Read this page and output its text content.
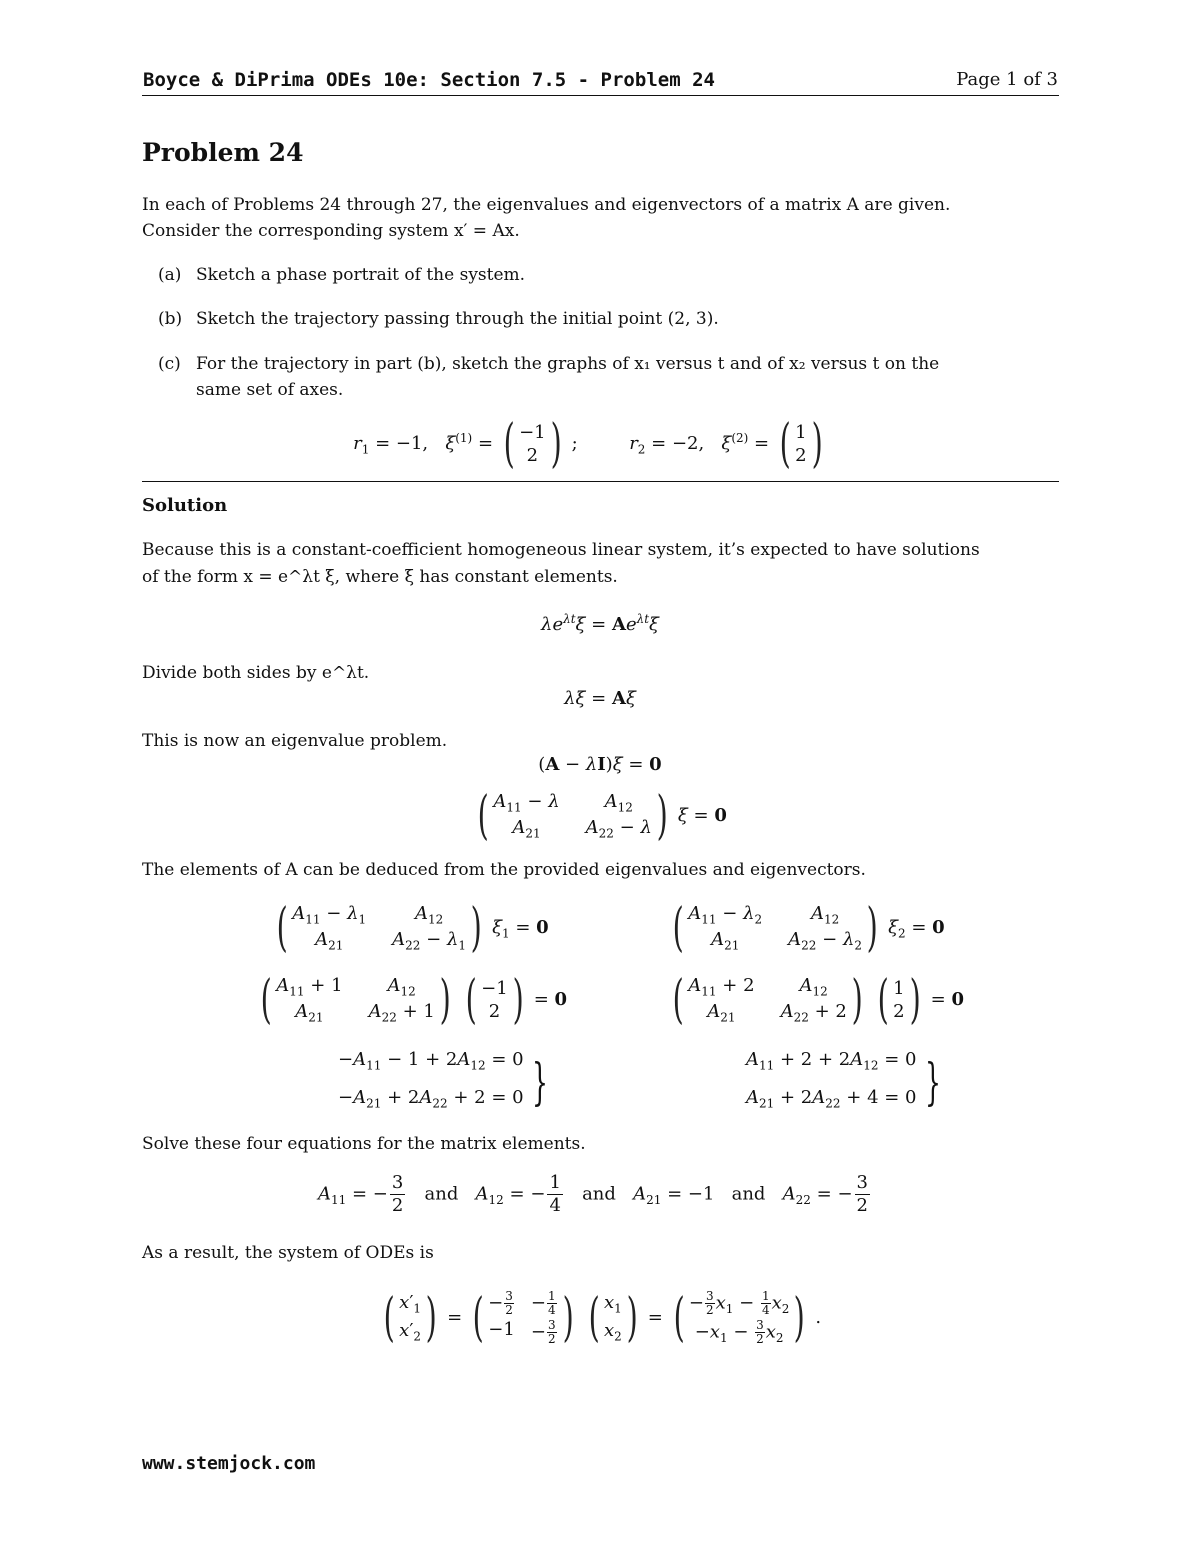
Boyce & DiPrima ODEs 10e: Section 7.5 - Problem 24	Page 1 of 3
Problem 24
In each of Problems 24 through 27, the eigenvalues and eigenvectors of a matrix A are given.
Consider the corresponding system x′ = Ax.
(a) Sketch a phase portrait of the system.
(b) Sketch the trajectory passing through the initial point (2, 3).
(c) For the trajectory in part (b), sketch the graphs of x₁ versus t and of x₂ versus t on the
same set of axes.
$r_1 = -1$,   $\xi^{(1)}$ = ( −1
2 ) ;         $r_2 = -2$,   $\xi^{(2)}$ = ( 1
2 )
Solution
Because this is a constant-coefficient homogeneous linear system, it’s expected to have solutions
of the form x = e^λt ξ, where ξ has constant elements.
$\lambda e^{\lambda t}\xi = Ae^{\lambda t}\xi$
Divide both sides by e^λt.
λξ = Aξ
This is now an eigenvalue problem.
(A − λI)ξ = 0
( $A_{11} - \lambda$	$A_{12}$
$A_{21}$	$A_{22} - \lambda$ ) ξ = 0
The elements of A can be deduced from the provided eigenvalues and eigenvectors.
( $A_{11} - \lambda_1$	$A_{12}$
$A_{21}$	$A_{22} - \lambda_1$ ) $\xi_1 = 0$ ( $A_{11} - \lambda_2$	$A_{12}$
$A_{21}$	$A_{22} - \lambda_2$ ) $\xi_2 = 0$
( $A_{11} + 1$	$A_{12}$
$A_{21}$	$A_{22} + 1$ )
( −1
2 ) = 0 ( $A_{11} + 2$	$A_{12}$
$A_{21}$	$A_{22} + 2$ )
( 1
2 ) = 0
$-A_{11} - 1 + 2A_{12} = 0$
$-A_{21} + 2A_{22} + 2 = 0$ }	$A_{11} + 2 + 2A_{12} = 0$
$A_{21} + 2A_{22} + 4 = 0$ }
Solve these four equations for the matrix elements.
$A_{11}$ = − $\frac{3}{2}$ and $A_{12}$ = − $\frac{1}{4}$ and $A_{21} = -1$   and $A_{22}$ = − $\frac{3}{2}$
As a result, the system of ODEs is
( $x'_1$
$x'_2$ ) = ( − $\frac{3}{2} - \frac{1}{4}$
$-1 - \frac{3}{2}$ )
( $x_1$
$x_2$ ) = ( − $\frac{3}{2} x_1 - \frac{1}{4} x_2$
$-x_1 - \frac{3}{2} x_2$ ) .
www.stemjock.com
